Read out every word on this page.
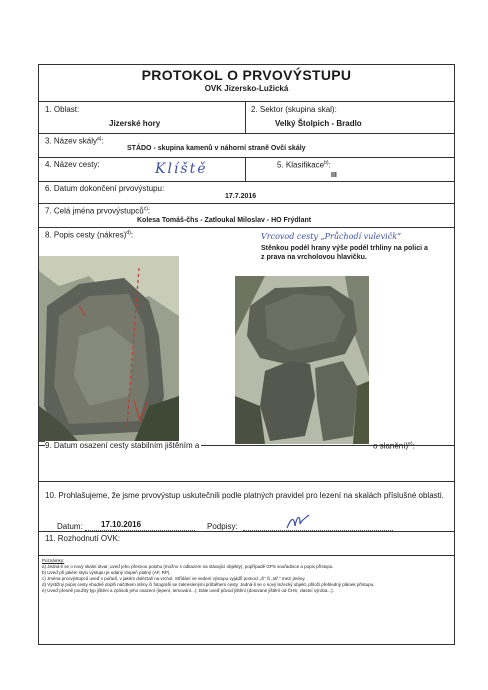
PROTOKOL O PRVOVÝSTUPU
OVK Jizersko-Lužická
1. Oblast:
Jizerské hory
2. Sektor (skupina skal):
Velký Štolpich - Bradlo
3. Název skály$^{a)}$:
STÁDO - skupina kamenů v náhorní straně Ovčí skály
4. Název cesty:	Klíště	5. Klasifikace$^{b)}$:
III
6. Datum dokončení prvovýstupu:
17.7.2016
7. Celá jména prvovýstupců$^{c)}$:
Kolesa Tomáš-čhs - Zatloukal Miloslav - HO Frýdlant
8. Popis cesty (nákres)$^{d)}$:	Vrcovod cesty „Průchodí vulevičk“
Stěnkou podél hrany výše podél trhliny na polici a z prava na vrcholovou hlavičku.
9. Datum osazení cesty stabilním jištěním a	o slanění)$^{e)}$:
10. Prohlašujeme, že jsme prvovýstup uskutečnili podle platných pravidel pro lezení na skalách příslušné oblasti.
Datum: 17.10.2016	Podpisy:
11. Rozhodnutí OVK:
Poznámky:
a) Jedná-li se o nový skalní útvar, uveď jeho přesnou polohu (možno s odkazem na stávající objekty), popřípadě GPS souřadnice a popis přístupu.
b) Uveď při jakém stylu výstupu je udaný stupeň platný (AF, RP).
c) Jména prvovýstupců uveď v pořadí, v jakém doléztali na vrchol. Střídání ve vedení výstupu vyjádři pomocí „Š“ či „stř.“ mezi jmény.
d) Výstižný popis cesty vhodně doplň náčrtkem stěny či fotografií se zakreslenými průběhem cesty. Jedná-li se o nový lezecký objekt, přiloži přehledný plánek přístupu.
e) Uveď přesně použitý typ jištění a způsob jeho osazení (lepení, temování...). Dále uveď původ jištění (dotované jištění od ČHS, vlastní výroba...).
